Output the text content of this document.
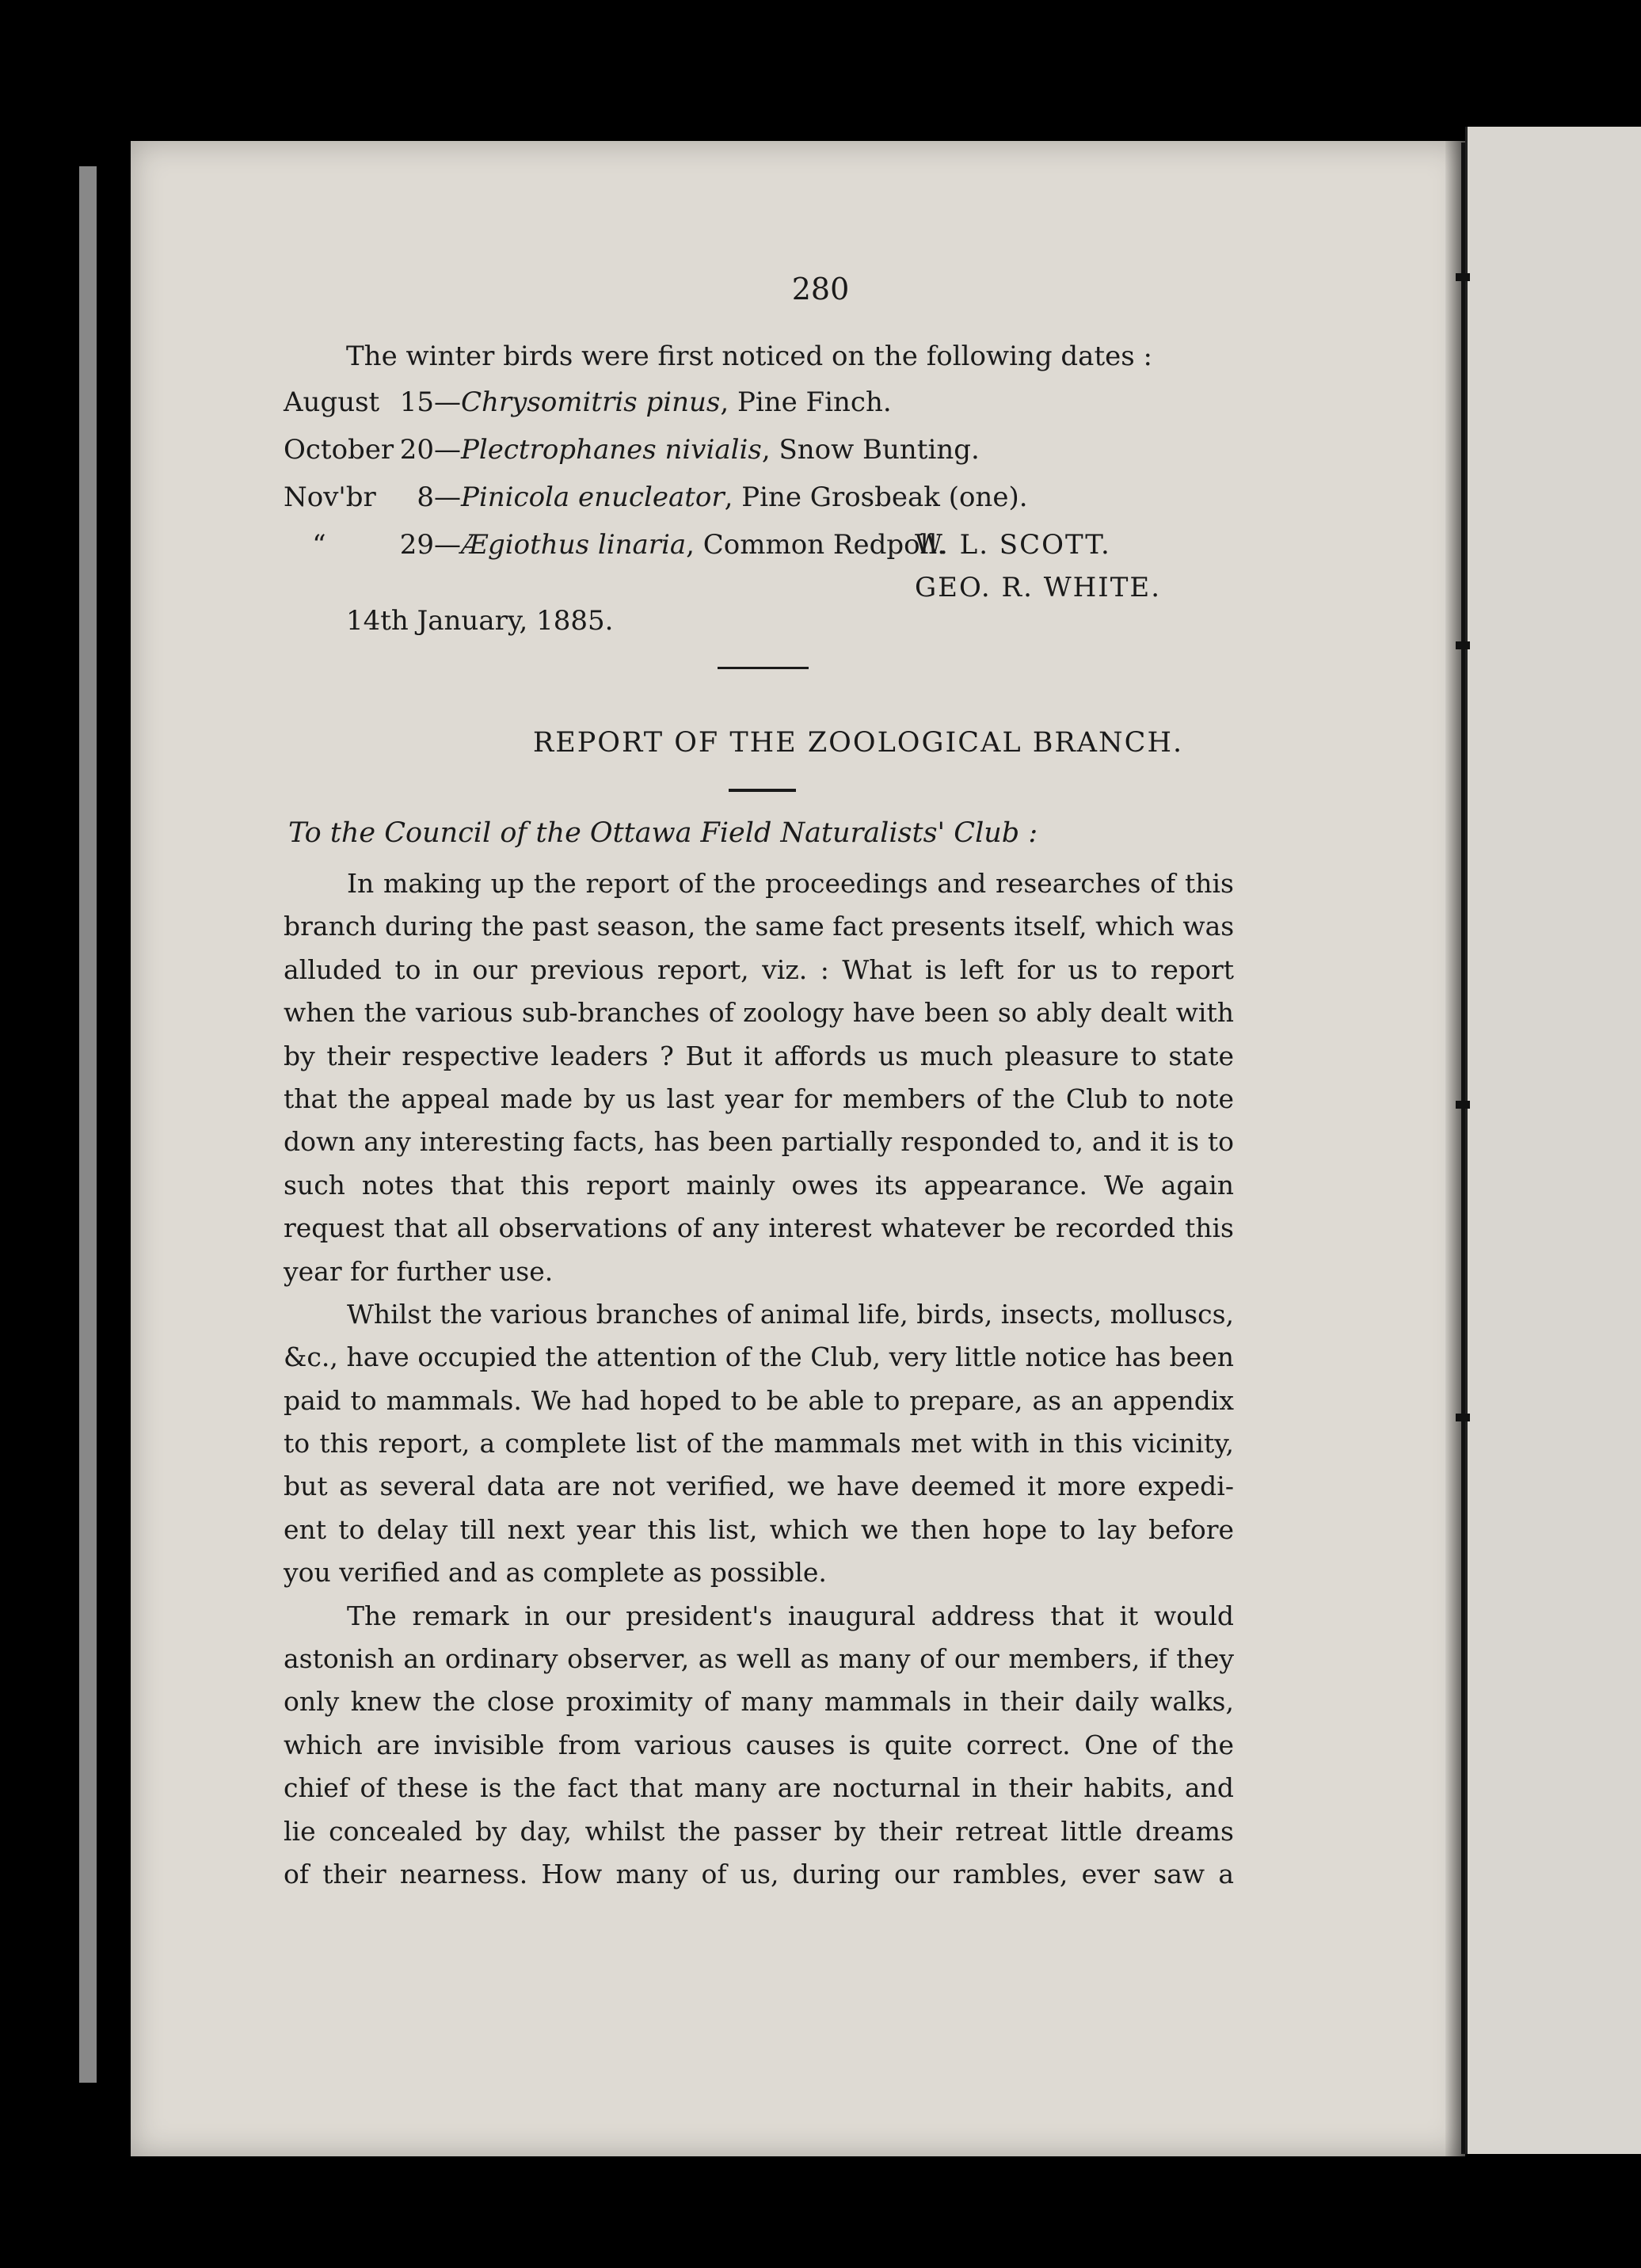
280
The winter birds were first noticed on the following dates :
August 15 — Chrysomitris pinus , Pine Finch.
October 20 — Plectrophanes nivialis , Snow Bunting.
Nov'br	8 — Pinicola enucleator , Pine Grosbeak (one).
“	29 — Ægiothus linaria , Common Redpoll.
W. L. SCOTT.
GEO. R. WHITE.
14th January, 1885.
REPORT OF THE ZOOLOGICAL BRANCH.
To the Council of the Ottawa Field Naturalists' Club :
In making up the report of the proceedings and researches of this
branch during the past season, the same fact presents itself, which was
alluded to in our previous report, viz. : What is left for us to report
when the various sub-branches of zoology have been so ably dealt with
by their respective leaders ? But it affords us much pleasure to state
that the appeal made by us last year for members of the Club to note
down any interesting facts, has been partially responded to, and it is to
such notes that this report mainly owes its appearance. We again
request that all observations of any interest whatever be recorded this
year for further use.
Whilst the various branches of animal life, birds, insects, molluscs,
&c., have occupied the attention of the Club, very little notice has been
paid to mammals. We had hoped to be able to prepare, as an appendix
to this report, a complete list of the mammals met with in this vicinity,
but as several data are not verified, we have deemed it more expedi-
ent to delay till next year this list, which we then hope to lay before
you verified and as complete as possible.
The remark in our president's inaugural address that it would
astonish an ordinary observer, as well as many of our members, if they
only knew the close proximity of many mammals in their daily walks,
which are invisible from various causes is quite correct. One of the
chief of these is the fact that many are nocturnal in their habits, and
lie concealed by day, whilst the passer by their retreat little dreams
of their nearness. How many of us, during our rambles, ever saw a
